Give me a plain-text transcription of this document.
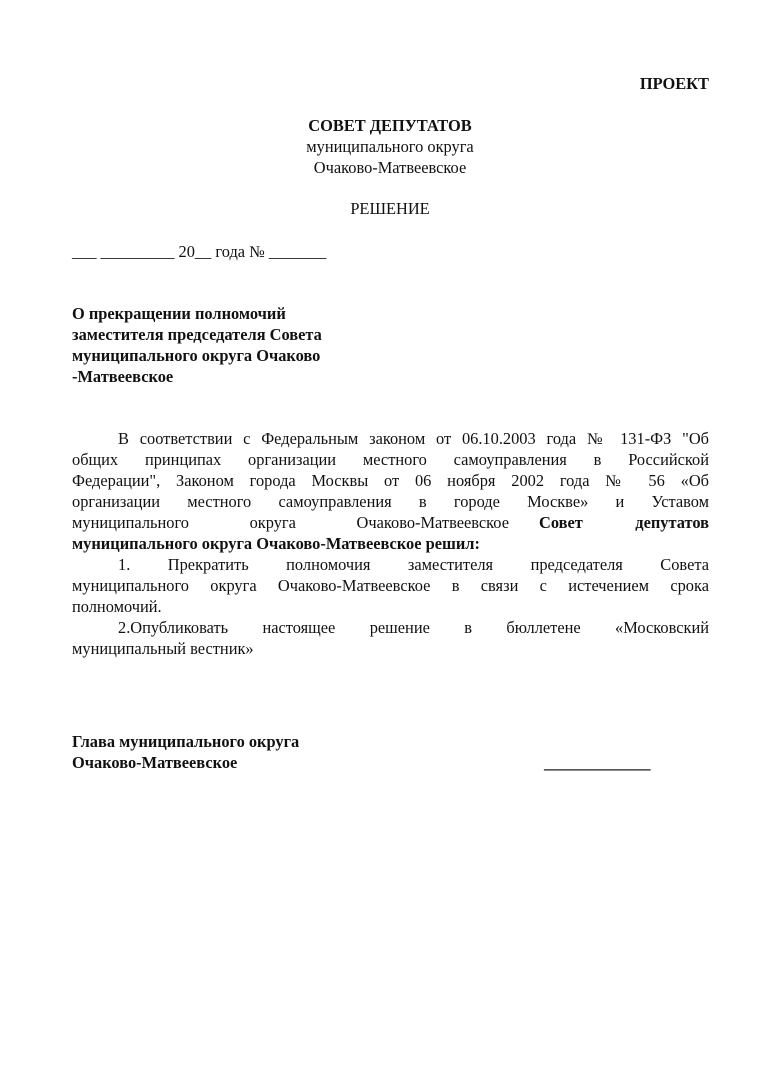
ПРОЕКТ
СОВЕТ ДЕПУТАТОВ
муниципального округа
Очаково-Матвеевское
РЕШЕНИЕ
___ _________ 20__ года № _______
О прекращении полномочий
заместителя председателя Совета
муниципального округа Очаково
-Матвеевское
В соответствии с Федеральным законом от 06.10.2003 года № 131-ФЗ "Об
общих принципах организации местного самоуправления в Российской
Федерации", Законом города Москвы от 06 ноября 2002 года № 56 «Об
организации местного самоуправления в городе Москве» и Уставом
муниципального	округа	Очаково-Матвеевское Совет	депутатов
муниципального округа Очаково-Матвеевское решил:
1. Прекратить полномочия заместителя председателя Совета
муниципального округа Очаково-Матвеевское в связи с истечением срока
полномочий.
2.Опубликовать настоящее решение в бюллетене «Московский
муниципальный вестник»
Глава муниципального округа
Очаково-Матвеевское	_____________
